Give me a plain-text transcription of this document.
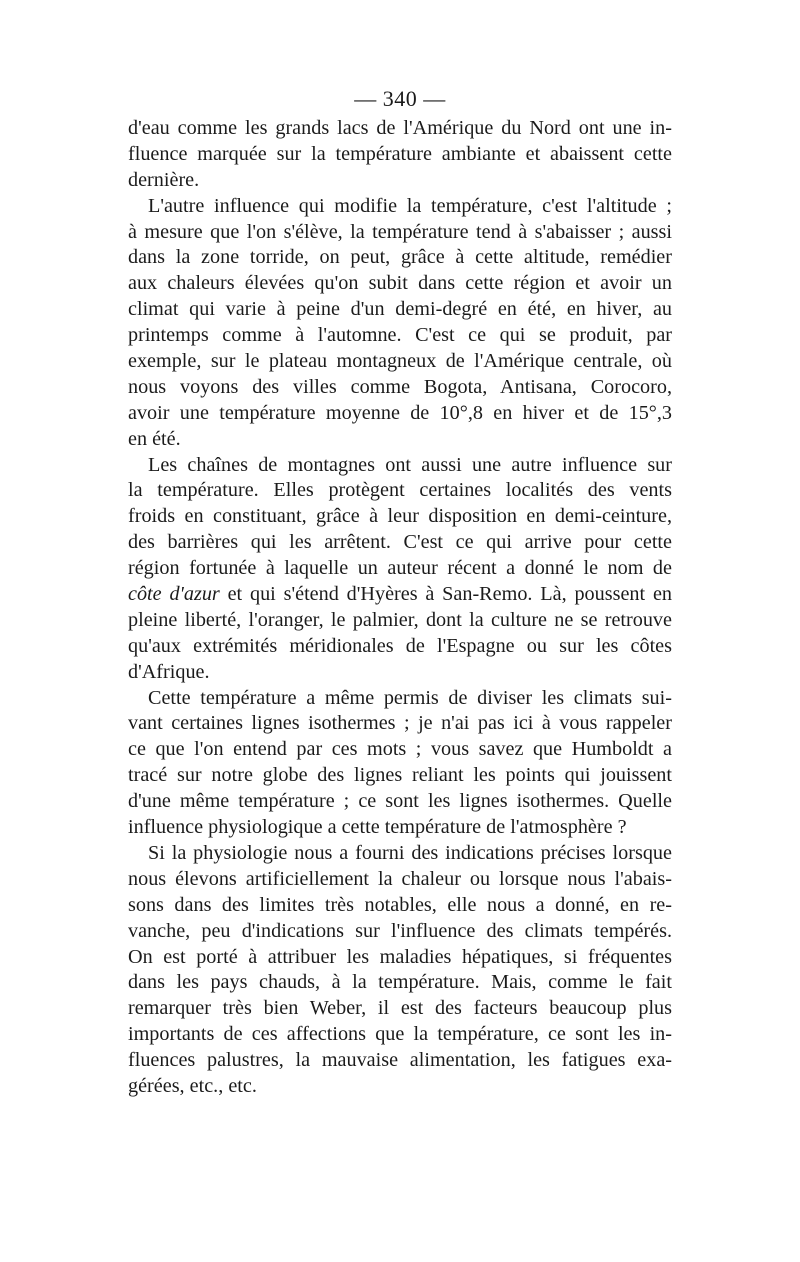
— 340 —
d'eau comme les grands lacs de l'Amérique du Nord ont une in-
fluence marquée sur la température ambiante et abaissent cette
dernière.
L'autre influence qui modifie la température, c'est l'altitude ;
à mesure que l'on s'élève, la température tend à s'abaisser ; aussi
dans la zone torride, on peut, grâce à cette altitude, remédier
aux chaleurs élevées qu'on subit dans cette région et avoir un
climat qui varie à peine d'un demi-degré en été, en hiver, au
printemps comme à l'automne. C'est ce qui se produit, par
exemple, sur le plateau montagneux de l'Amérique centrale, où
nous voyons des villes comme Bogota, Antisana, Corocoro,
avoir une température moyenne de 10°,8 en hiver et de 15°,3
en été.
Les chaînes de montagnes ont aussi une autre influence sur
la température. Elles protègent certaines localités des vents
froids en constituant, grâce à leur disposition en demi-ceinture,
des barrières qui les arrêtent. C'est ce qui arrive pour cette
région fortunée à laquelle un auteur récent a donné le nom de
côte d'azur et qui s'étend d'Hyères à San-Remo. Là, poussent en
pleine liberté, l'oranger, le palmier, dont la culture ne se retrouve
qu'aux extrémités méridionales de l'Espagne ou sur les côtes
d'Afrique.
Cette température a même permis de diviser les climats sui-
vant certaines lignes isothermes ; je n'ai pas ici à vous rappeler
ce que l'on entend par ces mots ; vous savez que Humboldt a
tracé sur notre globe des lignes reliant les points qui jouissent
d'une même température ; ce sont les lignes isothermes. Quelle
influence physiologique a cette température de l'atmosphère ?
Si la physiologie nous a fourni des indications précises lorsque
nous élevons artificiellement la chaleur ou lorsque nous l'abais-
sons dans des limites très notables, elle nous a donné, en re-
vanche, peu d'indications sur l'influence des climats tempérés.
On est porté à attribuer les maladies hépatiques, si fréquentes
dans les pays chauds, à la température. Mais, comme le fait
remarquer très bien Weber, il est des facteurs beaucoup plus
importants de ces affections que la température, ce sont les in-
fluences palustres, la mauvaise alimentation, les fatigues exa-
gérées, etc., etc.
